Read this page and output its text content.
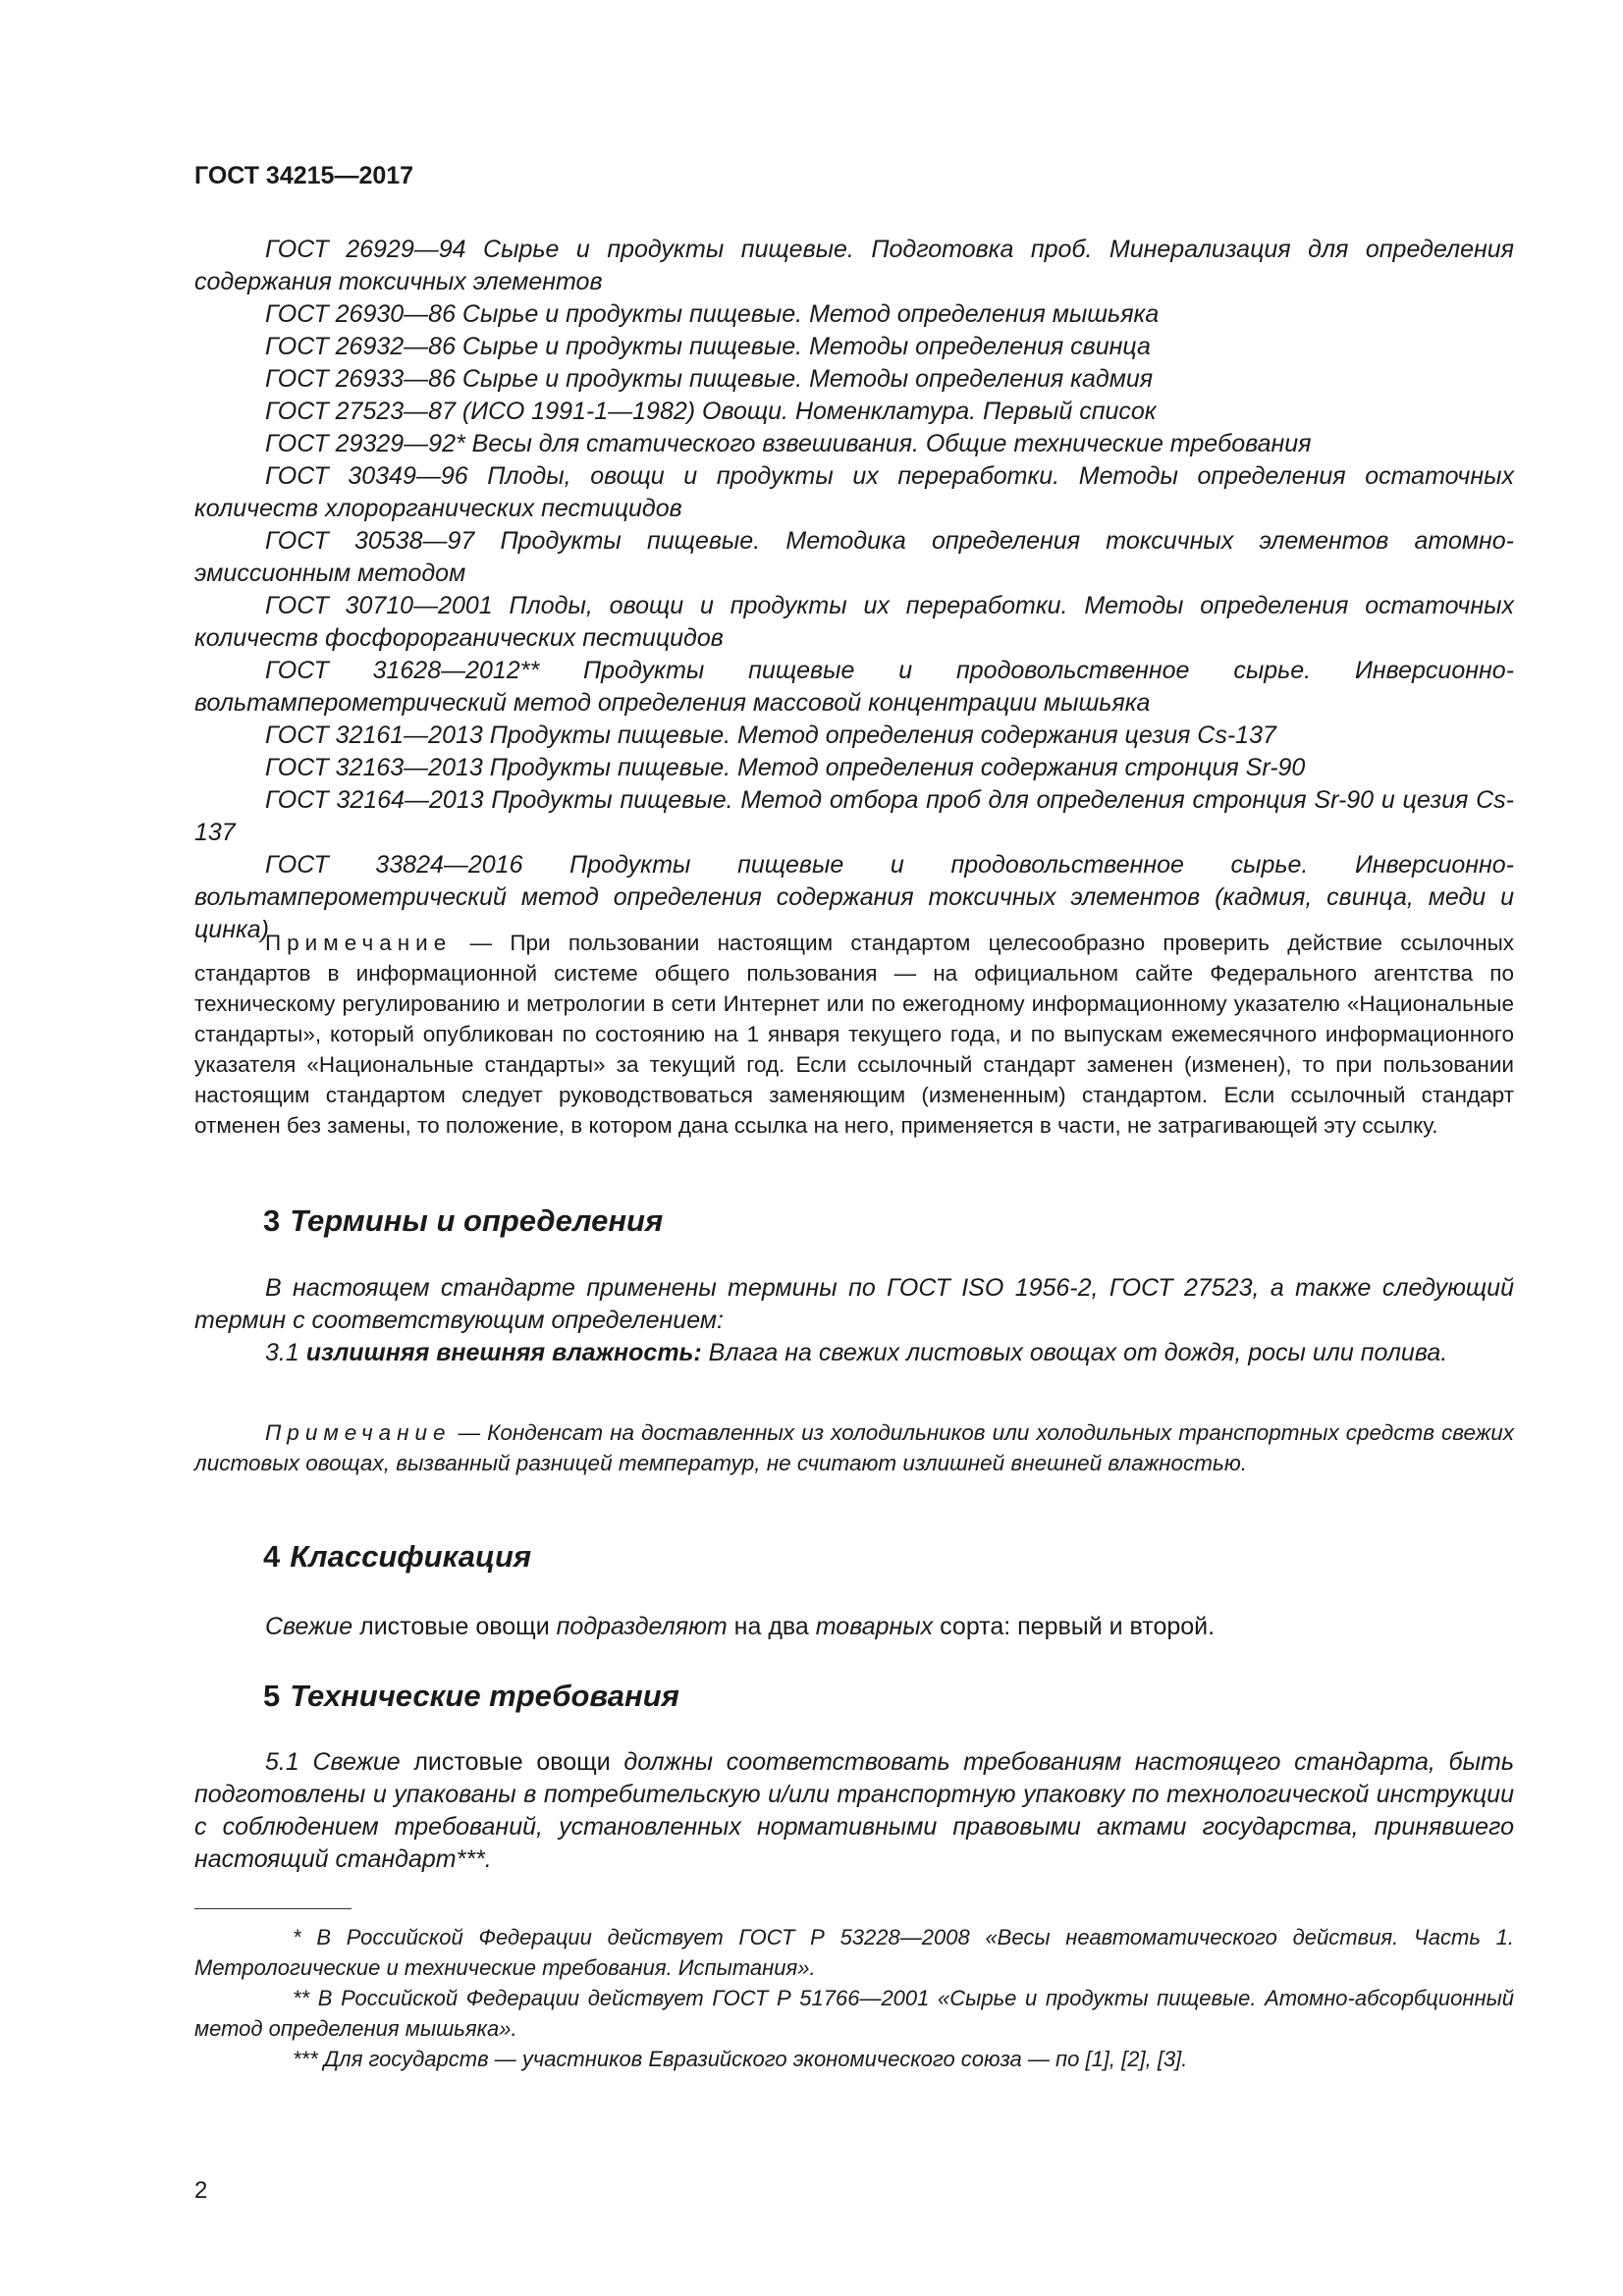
ГОСТ 34215—2017

ГОСТ 26929—94 Сырье и продукты пищевые. Подготовка проб. Минерализация для определения содержания токсичных элементов

ГОСТ 26930—86 Сырье и продукты пищевые. Метод определения мышьяка

ГОСТ 26932—86 Сырье и продукты пищевые. Методы определения свинца

ГОСТ 26933—86 Сырье и продукты пищевые. Методы определения кадмия

ГОСТ 27523—87 (ИСО 1991-1—1982) Овощи. Номенклатура. Первый список

ГОСТ 29329—92* Весы для статического взвешивания. Общие технические требования

ГОСТ 30349—96 Плоды, овощи и продукты их переработки. Методы определения остаточных количеств хлорорганических пестицидов

ГОСТ 30538—97 Продукты пищевые. Методика определения токсичных элементов атомно-эмиссионным методом

ГОСТ 30710—2001 Плоды, овощи и продукты их переработки. Методы определения остаточных количеств фосфорорганических пестицидов

ГОСТ 31628—2012** Продукты пищевые и продовольственное сырье. Инверсионно-вольтамперометрический метод определения массовой концентрации мышьяка

ГОСТ 32161—2013 Продукты пищевые. Метод определения содержания цезия Cs-137

ГОСТ 32163—2013 Продукты пищевые. Метод определения содержания стронция Sr-90

ГОСТ 32164—2013 Продукты пищевые. Метод отбора проб для определения стронция Sr-90 и цезия Cs-137

ГОСТ 33824—2016 Продукты пищевые и продовольственное сырье. Инверсионно-вольтамперометрический метод определения содержания токсичных элементов (кадмия, свинца, меди и цинка)

Примечание — При пользовании настоящим стандартом целесообразно проверить действие ссылочных стандартов в информационной системе общего пользования — на официальном сайте Федерального агентства по техническому регулированию и метрологии в сети Интернет или по ежегодному информационному указателю «Национальные стандарты», который опубликован по состоянию на 1 января текущего года, и по выпускам ежемесячного информационного указателя «Национальные стандарты» за текущий год. Если ссылочный стандарт заменен (изменен), то при пользовании настоящим стандартом следует руководствоваться заменяющим (измененным) стандартом. Если ссылочный стандарт отменен без замены, то положение, в котором дана ссылка на него, применяется в части, не затрагивающей эту ссылку.

3 Термины и определения

В настоящем стандарте применены термины по ГОСТ ISO 1956-2, ГОСТ 27523, а также следующий термин с соответствующим определением:

3.1 излишняя внешняя влажность: Влага на свежих листовых овощах от дождя, росы или полива.

Примечание — Конденсат на доставленных из холодильников или холодильных транспортных средств свежих листовых овощах, вызванный разницей температур, не считают излишней внешней влажностью.

4 Классификация

Свежие листовые овощи подразделяют на два товарных сорта: первый и второй.

5 Технические требования

5.1 Свежие листовые овощи должны соответствовать требованиям настоящего стандарта, быть подготовлены и упакованы в потребительскую и/или транспортную упаковку по технологической инструкции с соблюдением требований, установленных нормативными правовыми актами государства, принявшего настоящий стандарт***.

* В Российской Федерации действует ГОСТ Р 53228—2008 «Весы неавтоматического действия. Часть 1. Метрологические и технические требования. Испытания».

** В Российской Федерации действует ГОСТ Р 51766—2001 «Сырье и продукты пищевые. Атомно-абсорбционный метод определения мышьяка».

*** Для государств — участников Евразийского экономического союза — по [1], [2], [3].

2
